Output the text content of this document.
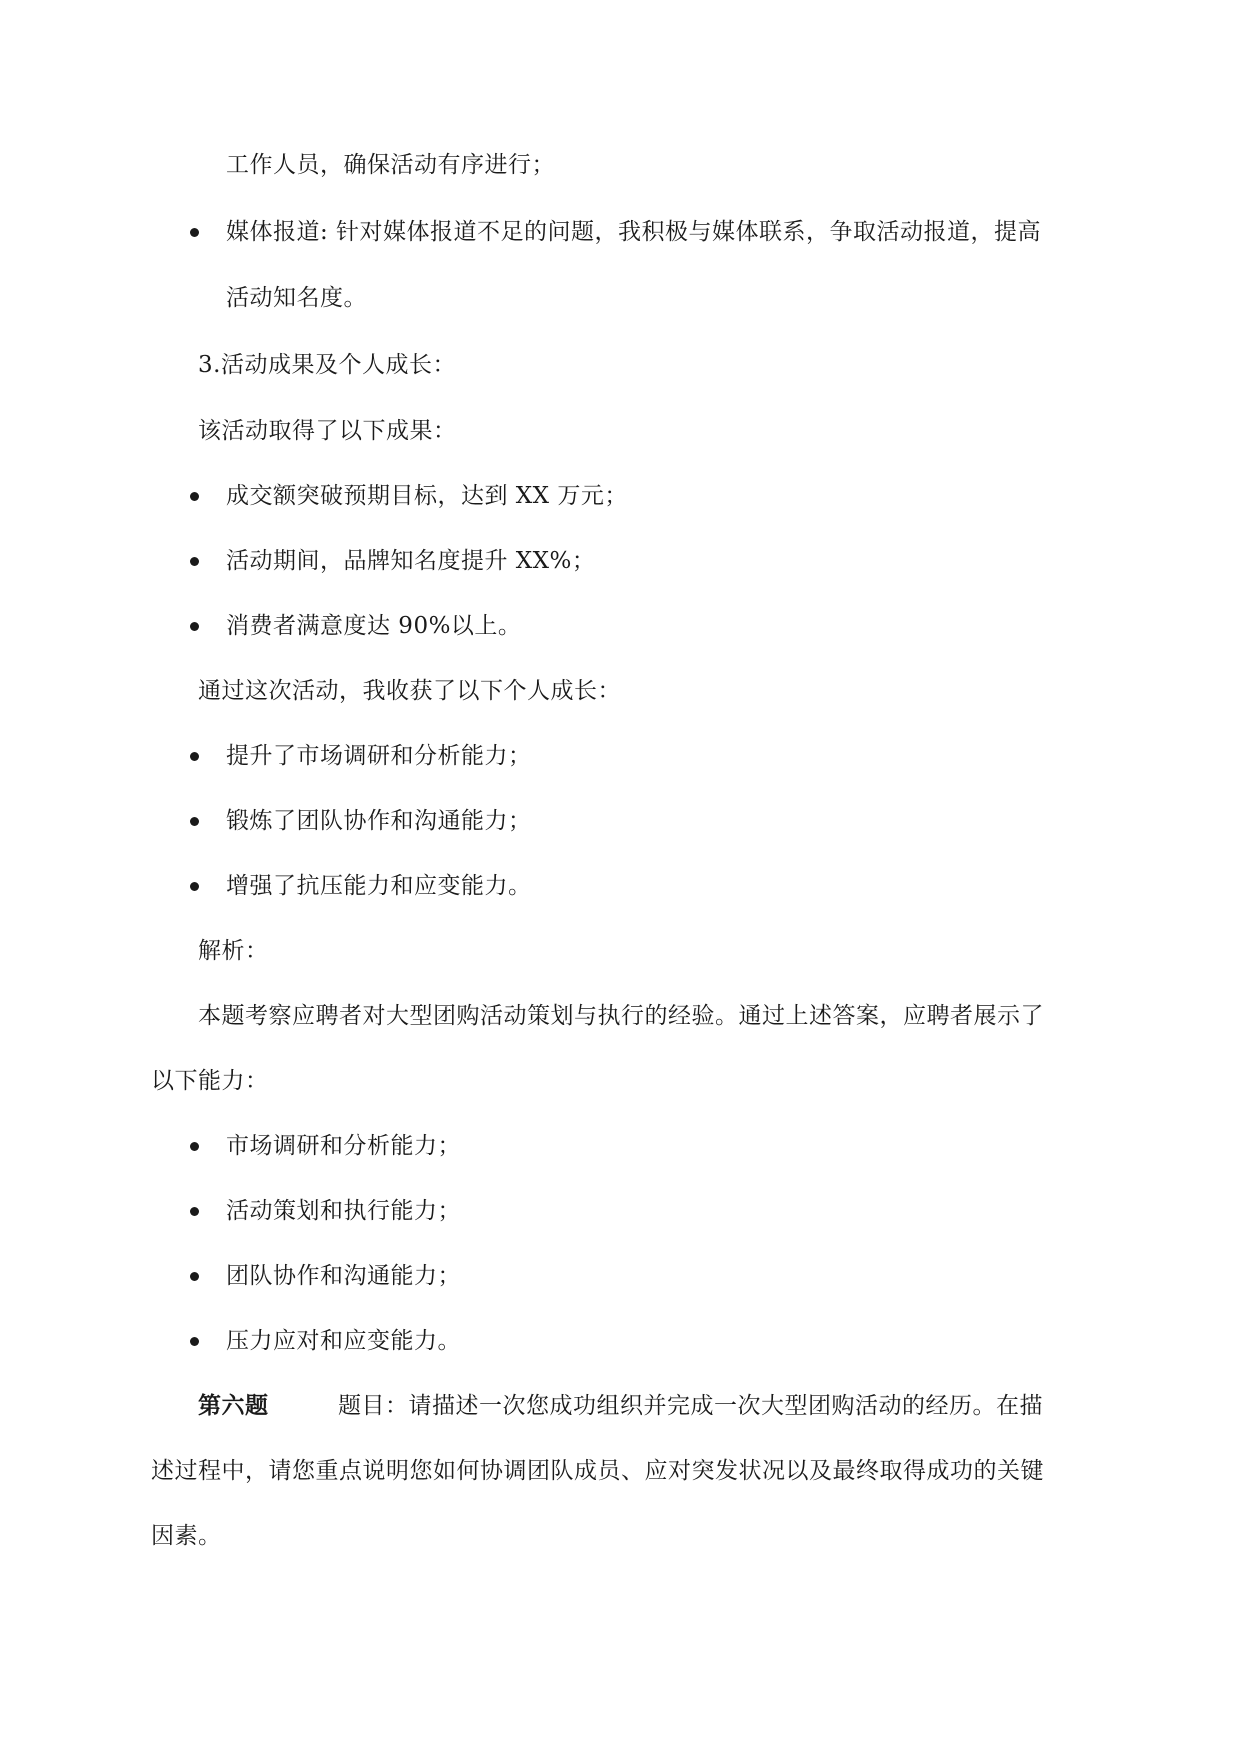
工作人员，确保活动有序进行；
媒体报道: 针对媒体报道不足的问题，我积极与媒体联系，争取活动报道，提高
活动知名度。
3.活动成果及个人成长：
该活动取得了以下成果：
成交额突破预期目标，达到 XX 万元；
活动期间，品牌知名度提升 XX%；
消费者满意度达 90%以上。
通过这次活动，我收获了以下个人成长：
提升了市场调研和分析能力；
锻炼了团队协作和沟通能力；
增强了抗压能力和应变能力。
解析：
本题考察应聘者对大型团购活动策划与执行的经验。通过上述答案，应聘者展示了
以下能力：
市场调研和分析能力；
活动策划和执行能力；
团队协作和沟通能力；
压力应对和应变能力。
第六题	题目：请描述一次您成功组织并完成一次大型团购活动的经历。在描
述过程中，请您重点说明您如何协调团队成员、应对突发状况以及最终取得成功的关键
因素。
